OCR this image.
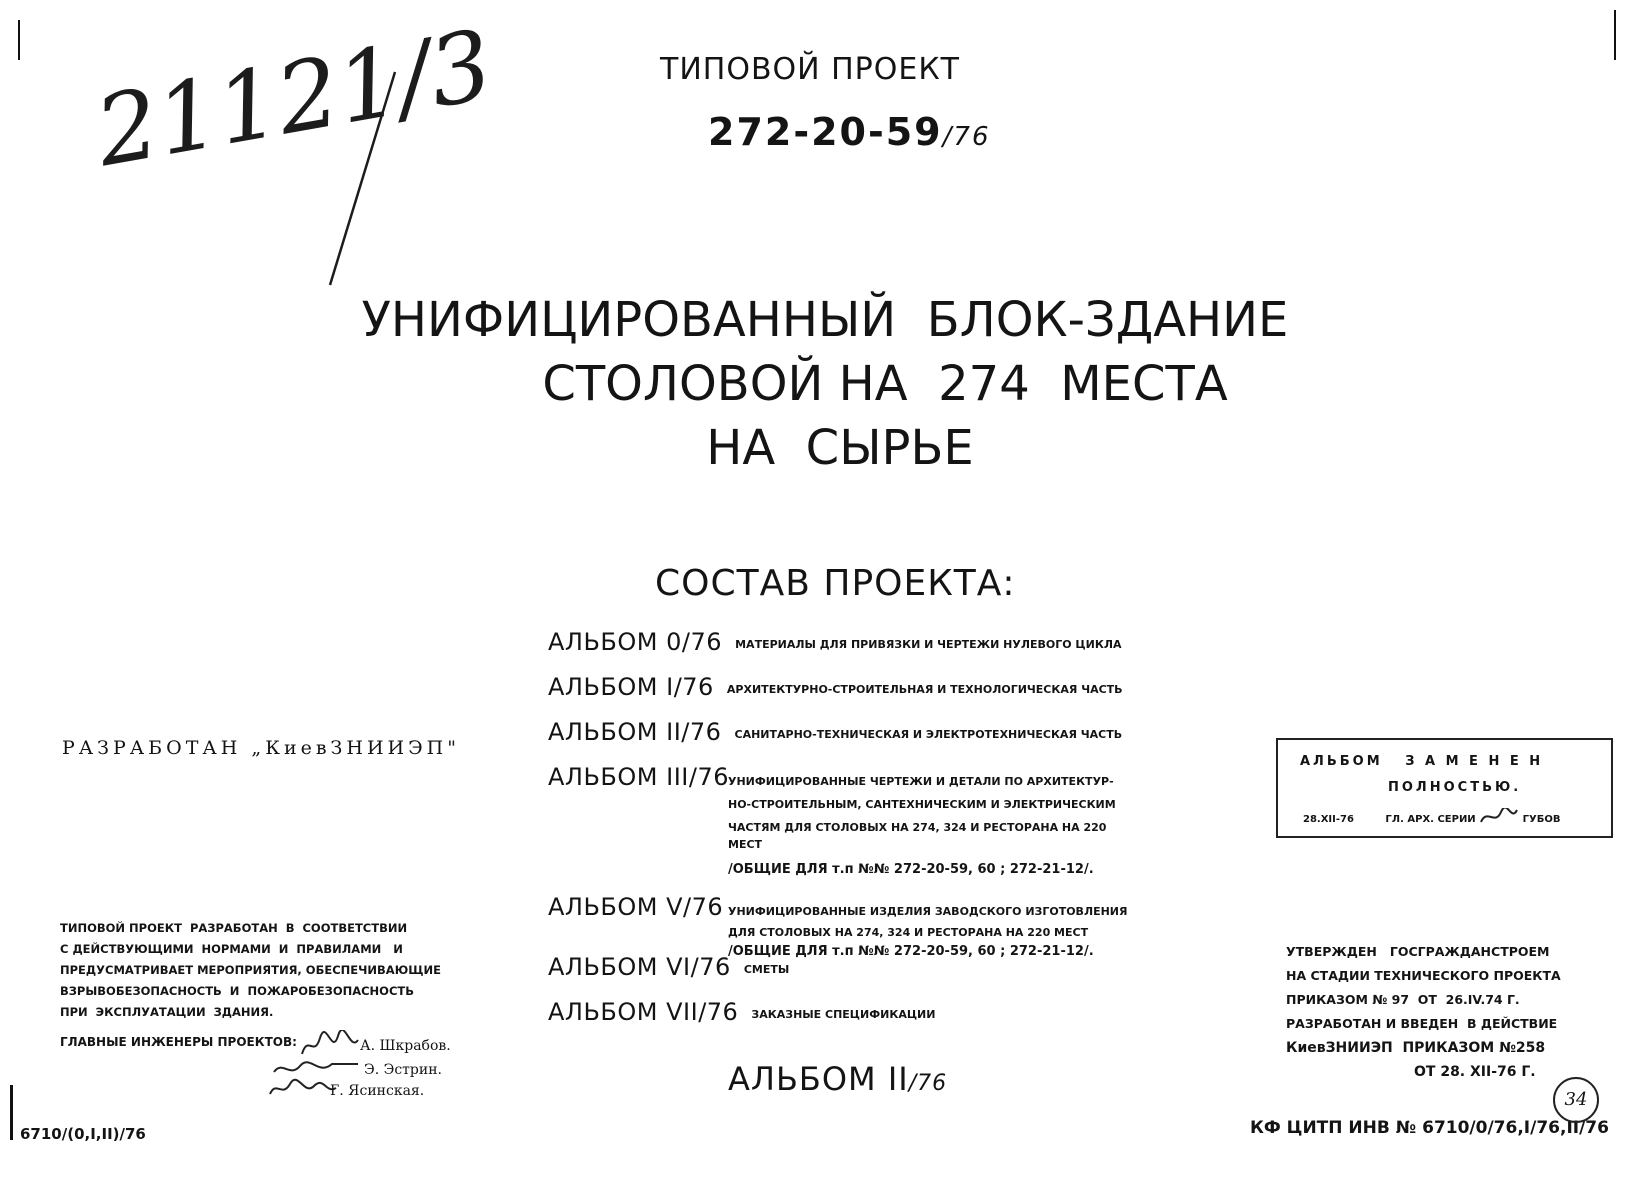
21121/3	ТИПОВОЙ ПРОЕКТ
272-20-59/76
УНИФИЦИРОВАННЫЙ  БЛОК-ЗДАНИЕ
СТОЛОВОЙ НА  274  МЕСТА
НА  СЫРЬЕ
СОСТАВ ПРОЕКТА:
АЛЬБОМ 0/76 МАТЕРИАЛЫ ДЛЯ ПРИВЯЗКИ И ЧЕРТЕЖИ НУЛЕВОГО ЦИКЛА
АЛЬБОМ I/76 АРХИТЕКТУРНО-СТРОИТЕЛЬНАЯ И ТЕХНОЛОГИЧЕСКАЯ ЧАСТЬ
АЛЬБОМ II/76 САНИТАРНО-ТЕХНИЧЕСКАЯ И ЭЛЕКТРОТЕХНИЧЕСКАЯ ЧАСТЬ
АЛЬБОМ III/76 УНИФИЦИРОВАННЫЕ ЧЕРТЕЖИ И ДЕТАЛИ ПО АРХИТЕКТУР-
НО-СТРОИТЕЛЬНЫМ, САНТЕХНИЧЕСКИМ И ЭЛЕКТРИЧЕСКИМ
ЧАСТЯМ ДЛЯ СТОЛОВЫХ НА 274, 324 И РЕСТОРАНА НА 220
МЕСТ
/ОБЩИЕ ДЛЯ т.п №№ 272-20-59, 60 ; 272-21-12/.
АЛЬБОМ V/76 УНИФИЦИРОВАННЫЕ ИЗДЕЛИЯ ЗАВОДСКОГО ИЗГОТОВЛЕНИЯ
ДЛЯ СТОЛОВЫХ НА 274, 324 И РЕСТОРАНА НА 220 МЕСТ
/ОБЩИЕ ДЛЯ т.п №№ 272-20-59, 60 ; 272-21-12/.
АЛЬБОМ VI/76 СМЕТЫ
АЛЬБОМ VII/76 ЗАКАЗНЫЕ СПЕЦИФИКАЦИИ
РАЗРАБОТАН „КиевЗНИИЭП"
ТИПОВОЙ ПРОЕКТ  РАЗРАБОТАН  В  СООТВЕТСТВИИ
С ДЕЙСТВУЮЩИМИ  НОРМАМИ  И  ПРАВИЛАМИ   И
ПРЕДУСМАТРИВАЕТ МЕРОПРИЯТИЯ, ОБЕСПЕЧИВАЮЩИЕ
ВЗРЫВОБЕЗОПАСНОСТЬ  И  ПОЖАРОБЕЗОПАСНОСТЬ
ПРИ  ЭКСПЛУАТАЦИИ  ЗДАНИЯ.
ГЛАВНЫЕ ИНЖЕНЕРЫ ПРОЕКТОВ:	А. Шкрабов.
Э. Эстрин.
Г. Ясинская.
АЛЬБОМ   З А М Е Н Е Н
ПОЛНОСТЬЮ.
28.XII-76	ГЛ. АРХ. СЕРИИ	ГУБОВ
УТВЕРЖДЕН   ГОСГРАЖДАНСТРОЕМ
НА СТАДИИ ТЕХНИЧЕСКОГО ПРОЕКТА
ПРИКАЗОМ № 97  ОТ  26.IV.74 Г.
РАЗРАБОТАН И ВВЕДЕН  В ДЕЙСТВИЕ
КиевЗНИИЭП  ПРИКАЗОМ №258
ОТ 28. XII-76 Г.
АЛЬБОМ II/76
6710/(0,I,II)/76	КФ ЦИТП ИНВ № 6710/0/76,I/76,II/76
34
